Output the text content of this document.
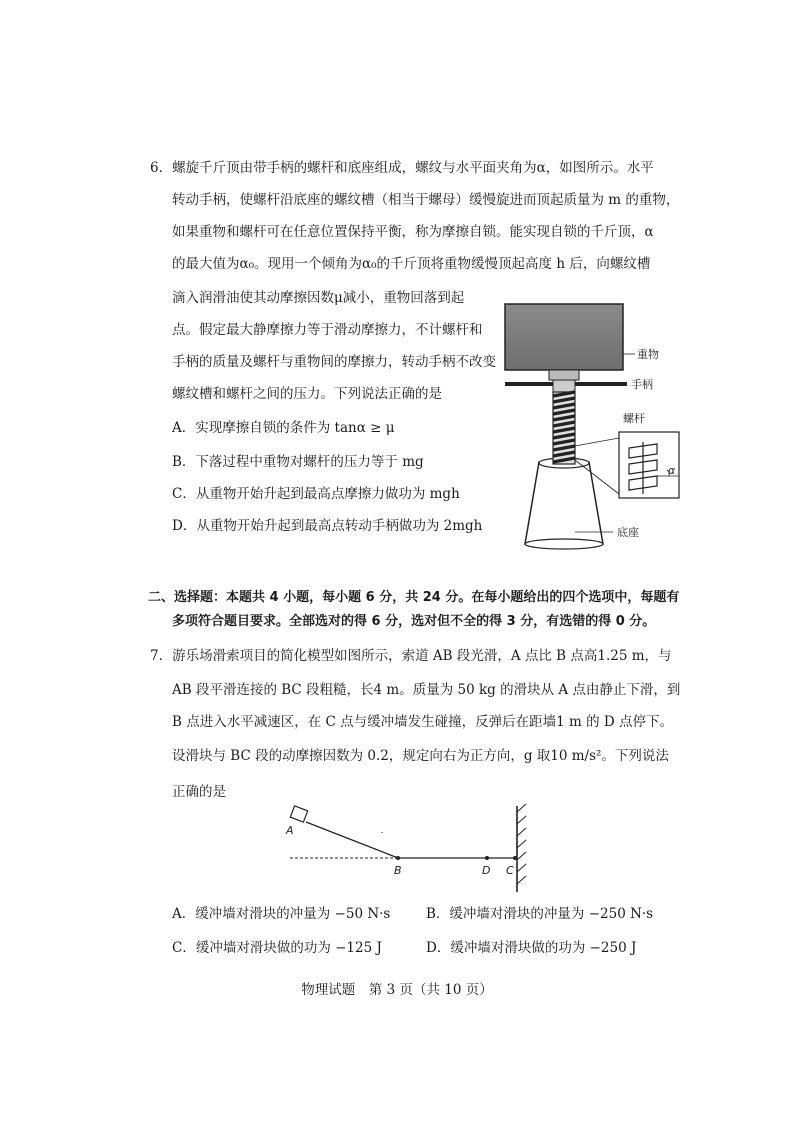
6．螺旋千斤顶由带手柄的螺杆和底座组成，螺纹与水平面夹角为α，如图所示。水平
转动手柄，使螺杆沿底座的螺纹槽（相当于螺母）缓慢旋进而顶起质量为 m 的重物，
如果重物和螺杆可在任意位置保持平衡，称为摩擦自锁。能实现自锁的千斤顶，α
的最大值为α₀。现用一个倾角为α₀的千斤顶将重物缓慢顶起高度 h 后，向螺纹槽
滴入润滑油使其动摩擦因数μ减小，重物回落到起
点。假定最大静摩擦力等于滑动摩擦力，不计螺杆和
手柄的质量及螺杆与重物间的摩擦力，转动手柄不改变
螺纹槽和螺杆之间的压力。下列说法正确的是
A．实现摩擦自锁的条件为 tanα ≥ μ
B．下落过程中重物对螺杆的压力等于 mg
C．从重物开始升起到最高点摩擦力做功为 mgh
D．从重物开始升起到最高点转动手柄做功为 2mgh
重物
手柄
螺杆
α
底座
二、选择题：本题共 4 小题，每小题 6 分，共 24 分。在每小题给出的四个选项中，每题有
多项符合题目要求。全部选对的得 6 分，选对但不全的得 3 分，有选错的得 0 分。
7．游乐场滑索项目的简化模型如图所示，索道 AB 段光滑，A 点比 B 点高1.25 m，与
AB 段平滑连接的 BC 段粗糙，长4 m。质量为 50 kg 的滑块从 A 点由静止下滑，到
B 点进入水平减速区，在 C 点与缓冲墙发生碰撞，反弹后在距墙1 m 的 D 点停下。
设滑块与 BC 段的动摩擦因数为 0.2，规定向右为正方向，g 取10 m/s²。下列说法
正确的是
A
B	D C
A．缓冲墙对滑块的冲量为 −50 N·s	B．缓冲墙对滑块的冲量为 −250 N·s
C．缓冲墙对滑块做的功为 −125 J	D．缓冲墙对滑块做的功为 −250 J
物理试题　第 3 页（共 10 页）
